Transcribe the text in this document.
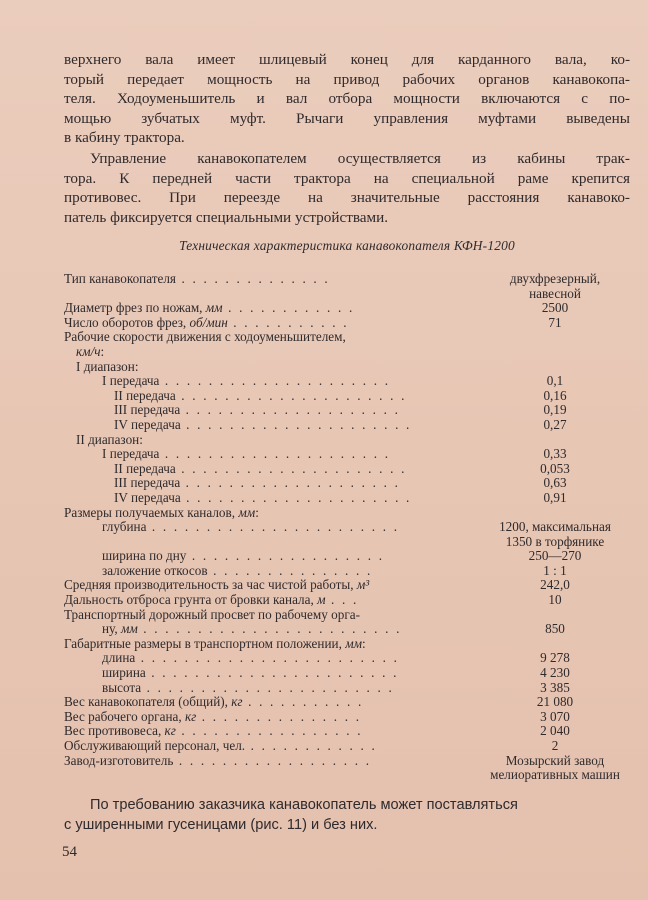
верхнего вала имеет шлицевый конец для карданного вала, ко-
торый передает мощность на привод рабочих органов канавокопа-
теля. Ходоуменьшитель и вал отбора мощности включаются с по-
мощью зубчатых муфт. Рычаги управления муфтами выведены
в кабину трактора.

Управление канавокопателем осуществляется из кабины трак-
тора. К передней части трактора на специальной раме крепится
противовес. При переезде на значительные расстояния канавоко-
патель фиксируется специальными устройствами.

Техническая характеристика канавокопателя КФН-1200
Тип канавокопателя . . . . . . . . . . . . . .	двухфрезерный,
навесной
Диаметр фрез по ножам, мм . . . . . . . . . . . .	2500
Число оборотов фрез, об/мин . . . . . . . . . . .	71
Рабочие скорости движения с ходоуменьшителем,
км/ч:
I диапазон:
I передача . . . . . . . . . . . . . . . . . . . . .	0,1
II передача . . . . . . . . . . . . . . . . . . . . .	0,16
III передача . . . . . . . . . . . . . . . . . . . .	0,19
IV передача . . . . . . . . . . . . . . . . . . . . .	0,27
II диапазон:
I передача . . . . . . . . . . . . . . . . . . . . .	0,33
II передача . . . . . . . . . . . . . . . . . . . . .	0,053
III передача . . . . . . . . . . . . . . . . . . . .	0,63
IV передача . . . . . . . . . . . . . . . . . . . . .	0,91
Размеры получаемых каналов, мм:
глубина . . . . . . . . . . . . . . . . . . . . . . .	1200, максимальная
1350 в торфянике
ширина по дну . . . . . . . . . . . . . . . . . .	250—270
заложение откосов . . . . . . . . . . . . . . .	1 : 1
Средняя производительность за час чистой работы, м³	242,0
Дальность отброса грунта от бровки канала, м . . .	10
Транспортный дорожный просвет по рабочему орга-
ну, мм . . . . . . . . . . . . . . . . . . . . . . . .	850
Габаритные размеры в транспортном положении, мм:
длина . . . . . . . . . . . . . . . . . . . . . . . .	9 278
ширина . . . . . . . . . . . . . . . . . . . . . . .	4 230
высота . . . . . . . . . . . . . . . . . . . . . . .	3 385
Вес канавокопателя (общий), кг . . . . . . . . . . .	21 080
Вес рабочего органа, кг . . . . . . . . . . . . . . .	3 070
Вес противовеса, кг . . . . . . . . . . . . . . . . .	2 040
Обслуживающий персонал, чел. . . . . . . . . . . . .	2
Завод-изготовитель . . . . . . . . . . . . . . . . . .	Мозырский завод
мелиоративных машин
По требованию заказчика канавокопатель может поставляться
с уширенными гусеницами (рис. 11) и без них.
54
